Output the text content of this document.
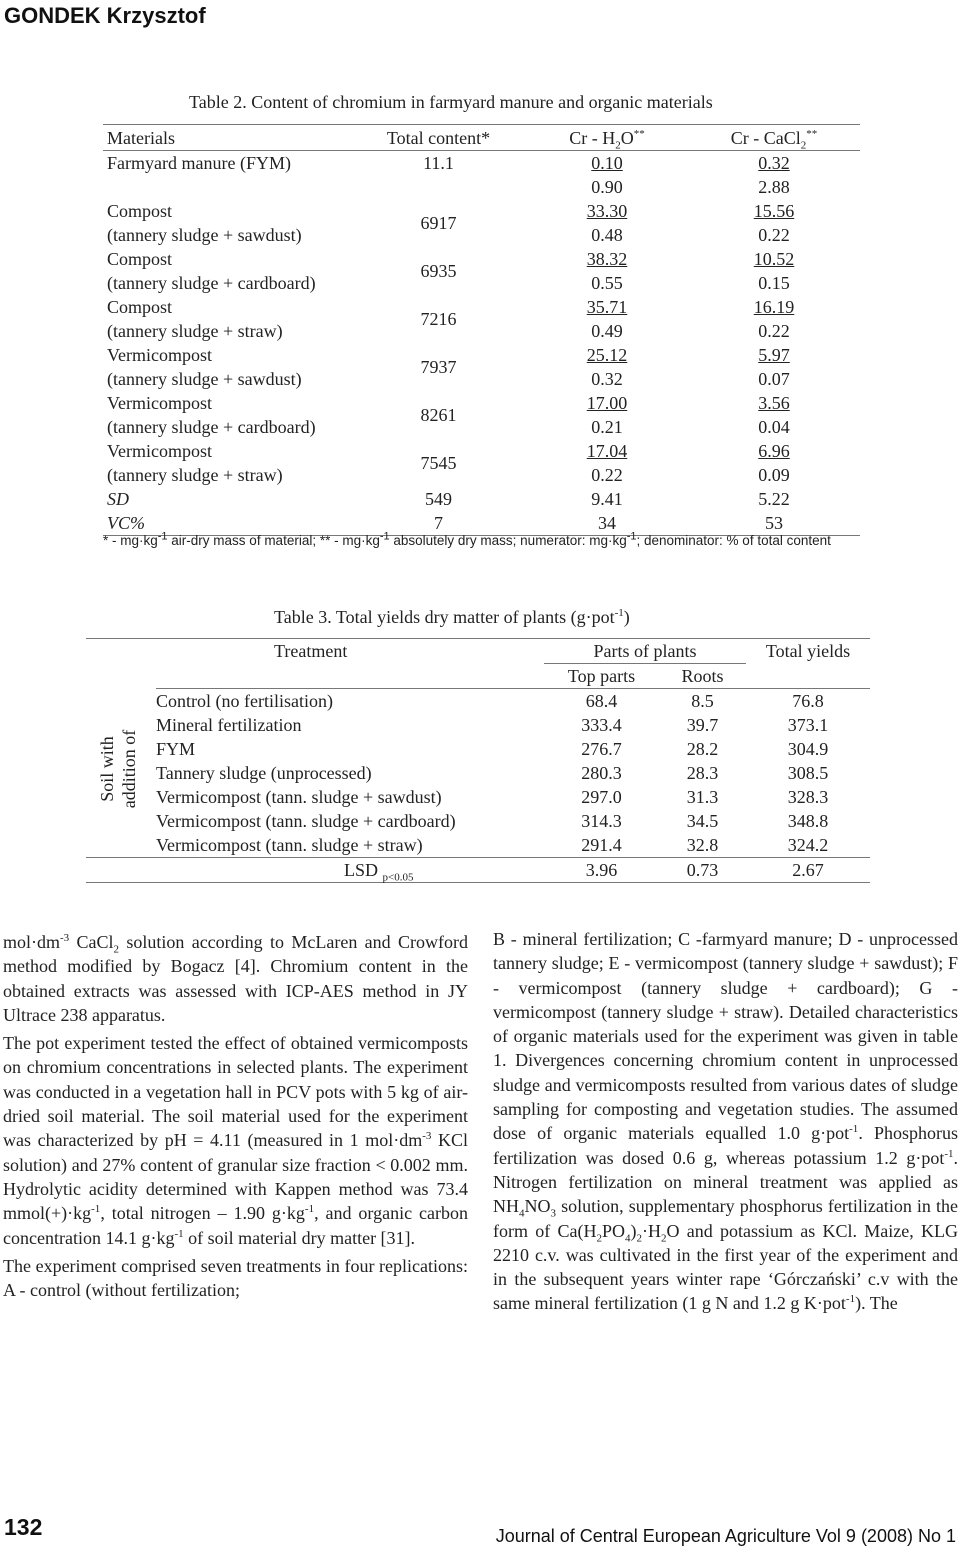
GONDEK Krzysztof
Table 2. Content of chromium in farmyard manure and organic materials
Materials	Total content*	Cr - $H_2O^{**}$	Cr - CaCl$_2$**
Farmyard manure (FYM)	11.1	0.10	0.32
		0.90	2.88
Compost	6917	33.30	15.56
(tannery sludge + sawdust)		0.48	0.22
Compost	6935	38.32	10.52
(tannery sludge + cardboard)		0.55	0.15
Compost	7216	35.71	16.19
(tannery sludge + straw)		0.49	0.22
Vermicompost	7937	25.12	5.97
(tannery sludge + sawdust)		0.32	0.07
Vermicompost	8261	17.00	3.56
(tannery sludge + cardboard)		0.21	0.04
Vermicompost	7545	17.04	6.96
(tannery sludge + straw)		0.22	0.09
SD	549	9.41	5.22
VC%	7	34	53
* - $mg\cdot kg^{-1}$ air-dry mass of material; ** - $mg\cdot kg^{-1}$ absolutely dry mass; numerator: $mg\cdot kg^{-1}$; denominator: % of total content
Table 3. Total yields dry matter of plants (g·pot$^{-1}$)
	Treatment	Parts of plants		Total yields
		Top parts	Roots	
	Control (no fertilisation)	68.4	8.5	76.8
	Mineral fertilization	333.4	39.7	373.1
	FYM	276.7	28.2	304.9
	Tannery sludge (unprocessed)	280.3	28.3	308.5
	Vermicompost (tann. sludge + sawdust)	297.0	31.3	328.3
	Vermicompost (tann. sludge + cardboard)	314.3	34.5	348.8
	Vermicompost (tann. sludge + straw)	291.4	32.8	324.2
	LSD $_{p<0.05}$	3.96	0.73	2.67
Soil with addition of

$mol\cdot dm^{-3}$ CaCl$_2$ solution according to McLaren and Crowford method modified by Bogacz [4]. Chromium content in the obtained extracts was assessed with ICP-AES method in JY Ultrace 238 apparatus.

The pot experiment tested the effect of obtained vermicomposts on chromium concentrations in selected plants. The experiment was conducted in a vegetation hall in PCV pots with 5 kg of air-dried soil material. The soil material used for the experiment was characterized by pH = 4.11 (measured in 1 $mol\cdot dm^{-3}$ KCl solution) and 27% content of granular size fraction < 0.002 mm. Hydrolytic acidity determined with Kappen method was 73.4 $mmol(+)\cdot kg^{-1}$, total nitrogen – 1.90 $g\cdot kg^{-1}$, and organic carbon concentration 14.1 $g\cdot kg^{-1}$ of soil material dry matter [31].

The experiment comprised seven treatments in four replications: A - control (without fertilization;

B - mineral fertilization; C -farmyard manure; D - unprocessed tannery sludge; E - vermicompost (tannery sludge + sawdust); F - vermicompost (tannery sludge + cardboard); G - vermicompost (tannery sludge + straw). Detailed characteristics of organic materials used for the experiment was given in table 1. Divergences concerning chromium content in unprocessed sludge and vermicomposts resulted from various dates of sludge sampling for composting and vegetation studies. The assumed dose of organic materials equalled 1.0 g·pot$^{-1}$. Phosphorus fertilization was dosed 0.6 g, whereas potassium 1.2 g·pot$^{-1}$. Nitrogen fertilization on mineral treatment was applied as $NH_4NO_3$ solution, supplementary phosphorus fertilization in the form of $Ca(H_2PO_4)_2\cdot H_2O$ and potassium as KCl. Maize, KLG 2210 c.v. was cultivated in the first year of the experiment and in the subsequent years winter rape ‘Górczański’ c.v with the same mineral fertilization (1 g N and 1.2 g K·pot$^{-1}$). The

132	Journal of Central European Agriculture Vol 9 (2008) No 1
